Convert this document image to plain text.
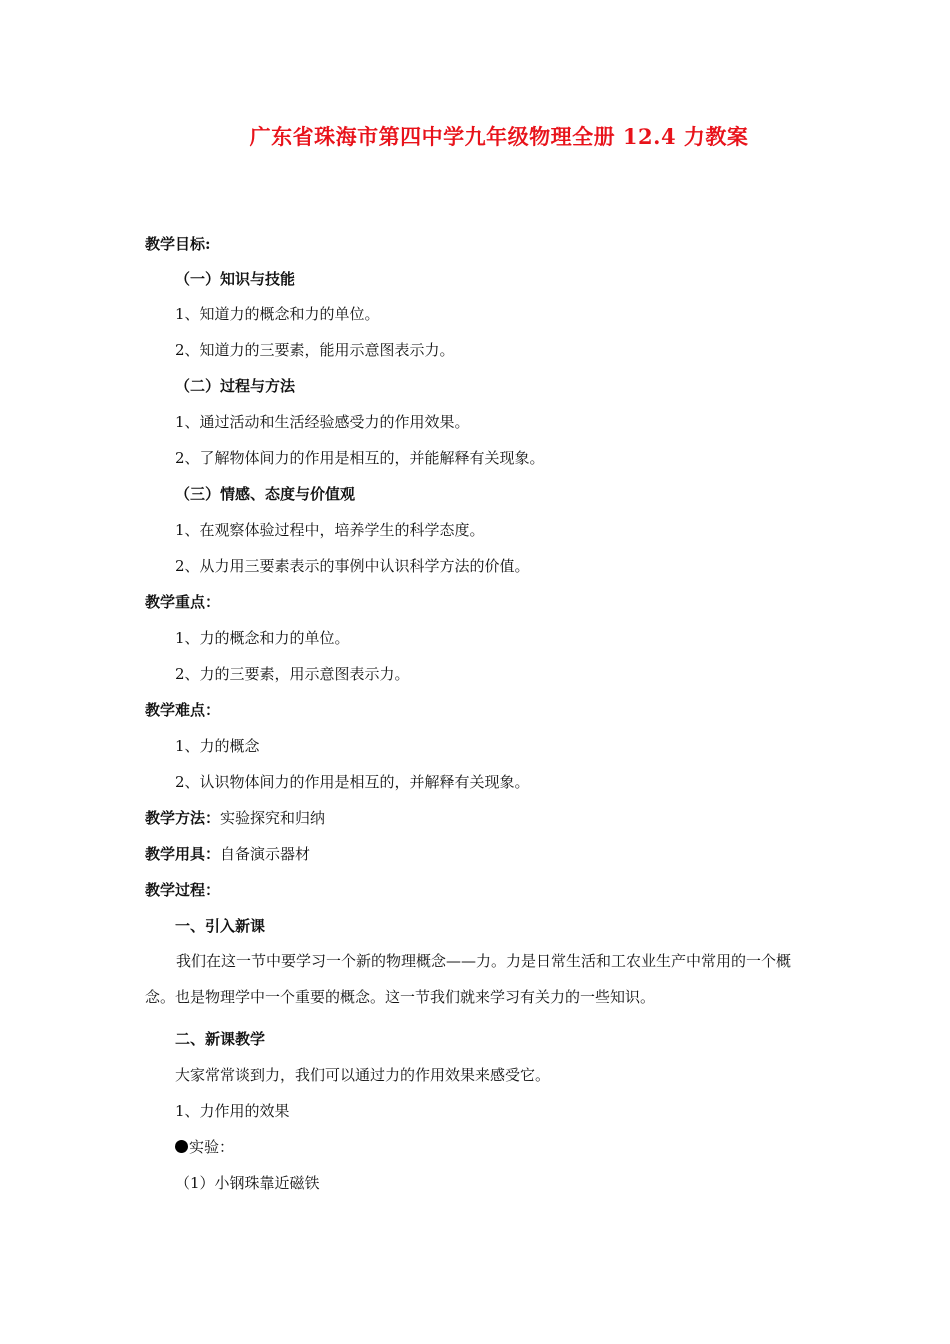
广东省珠海市第四中学九年级物理全册 12.4 力教案
教学目标:
（一）知识与技能
1、知道力的概念和力的单位。
2、知道力的三要素，能用示意图表示力。
（二）过程与方法
1、通过活动和生活经验感受力的作用效果。
2、了解物体间力的作用是相互的，并能解释有关现象。
（三）情感、态度与价值观
1、在观察体验过程中，培养学生的科学态度。
2、从力用三要素表示的事例中认识科学方法的价值。
教学重点：
1、力的概念和力的单位。
2、力的三要素，用示意图表示力。
教学难点：
1、力的概念
2、认识物体间力的作用是相互的，并解释有关现象。
教学方法：实验探究和归纳
教学用具：自备演示器材
教学过程：
一、引入新课
我们在这一节中要学习一个新的物理概念——力。力是日常生活和工农业生产中常用的一个概念。也是物理学中一个重要的概念。这一节我们就来学习有关力的一些知识。
二、新课教学
大家常常谈到力，我们可以通过力的作用效果来感受它。
1、力作用的效果
实验：
（1）小钢珠靠近磁铁
